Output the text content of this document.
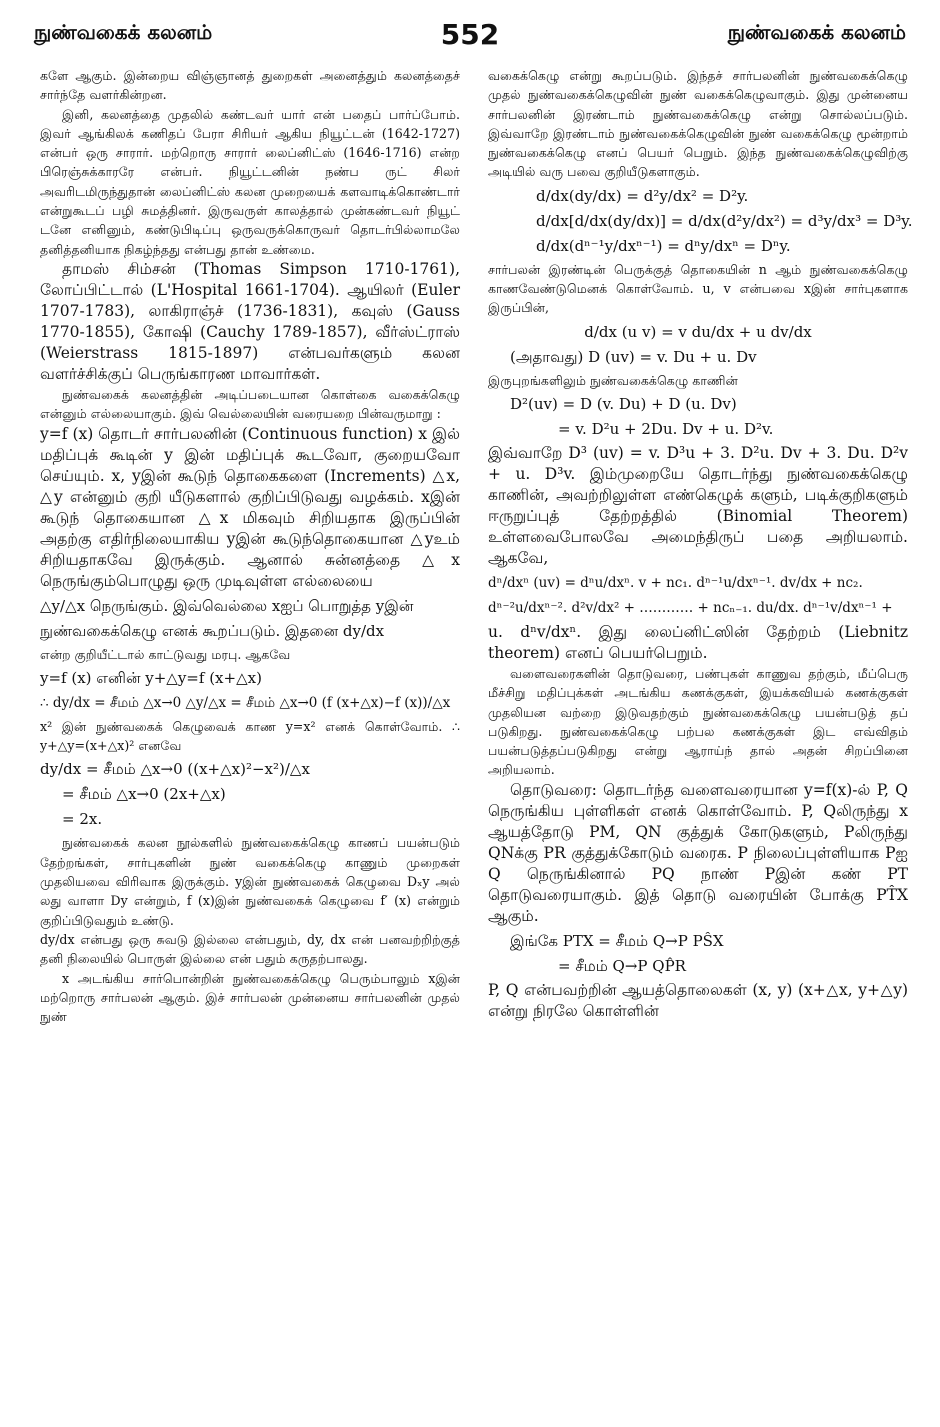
நுண்வகைக் கலனம்	552	நுண்வகைக் கலனம்

களே ஆகும். இன்றைய விஞ்ஞானத் துறைகள் அனைத்தும் கலனத்தைச் சார்ந்தே வளர்கின்றன.

இனி, கலனத்தை முதலில் கண்டவர் யார் என் பதைப் பார்ப்போம். இவர் ஆங்கிலக் கணிதப் பேரா சிரியர் ஆகிய நியூட்டன் (1642-1727) என்பர் ஒரு சாரார். மற்றொரு சாரார் லைப்னிட்ஸ் (1646-1716) என்ற பிரெஞ்சுக்காரரே என்பர். நியூட்டனின் நண்ப ருட் சிலர் அவரிடமிருந்துதான் லைப்னிட்ஸ் கலன முறையைக் களவாடிக்கொண்டார் என்றுகூடப் பழி சுமத்தினர். இருவருள் காலத்தால் முன்கண்டவர் நியூட் டனே எனினும், கண்டுபிடிப்பு ஒருவருக்கொருவர் தொடர்பில்லாமலே தனித்தனியாக நிகழ்ந்தது என்பது தான் உண்மை.

தாமஸ் சிம்சன் (Thomas Simpson 1710-1761), லோப்பிட்டால் (L'Hospital 1661-1704). ஆயிலர் (Euler 1707-1783), லாகிராஞ்ச் (1736-1831), கவுஸ் (Gauss 1770-1855), கோஷி (Cauchy 1789-1857), வீர்ஸ்ட்ராஸ் (Weierstrass 1815-1897) என்பவர்களும் கலன வளர்ச்சிக்குப் பெருங்காரண மாவார்கள்.

நுண்வகைக் கலனத்தின் அடிப்படையான கொள்கை வகைக்கெழு என்னும் எல்லையாகும். இவ் வெல்லையின் வரையறை பின்வருமாறு :

y=f (x) தொடர் சார்பலனின் (Continuous function) x இல் மதிப்புக் கூடின் y இன் மதிப்புக் கூடவோ, குறையவோ செய்யும். x, yஇன் கூடுந் தொகைகளை (Increments) △x, △y என்னும் குறி யீடுகளால் குறிப்பிடுவது வழக்கம். xஇன் கூடுந் தொகையான △x மிகவும் சிறியதாக இருப்பின் அதற்கு எதிர்நிலையாகிய yஇன் கூடுந்தொகையான △yஉம் சிறியதாகவே இருக்கும். ஆனால் சுன்னத்தை △x நெருங்கும்பொழுது ஒரு முடிவுள்ள எல்லையை

△y/△x நெருங்கும். இவ்வெல்லை xஐப் பொறுத்த yஇன்

நுண்வகைக்கெழு எனக் கூறப்படும். இதனை dy/dx

என்ற குறியீட்டால் காட்டுவது மரபு. ஆகவே

y=f (x) எனின் y+△y=f (x+△x)

∴ dy/dx = சீமம் △x→0 △y/△x = சீமம் △x→0 (f (x+△x)−f (x))/△x

x² இன் நுண்வகைக் கெழுவைக் காண y=x² எனக் கொள்வோம். ∴ y+△y=(x+△x)² எனவே

dy/dx = சீமம் △x→0 ((x+△x)²−x²)/△x

= சீமம் △x→0 (2x+△x)

= 2x.

நுண்வகைக் கலன நூல்களில் நுண்வகைக்கெழு காணப் பயன்படும் தேற்றங்கள், சார்புகளின் நுண் வகைக்கெழு காணும் முறைகள் முதலியவை விரிவாக இருக்கும். yஇன் நுண்வகைக் கெழுவை Dₓy அல் லது வாளா Dy என்றும், f (x)இன் நுண்வகைக் கெழுவை f′ (x) என்றும் குறிப்பிடுவதும் உண்டு.

dy/dx என்பது ஒரு சுவடு இல்லை என்பதும், dy, dx என் பனவற்றிற்குத் தனி நிலையில் பொருள் இல்லை என் பதும் கருதற்பாலது.

x அடங்கிய சார்பொன்றின் நுண்வகைக்கெழு பெரும்பாலும் xஇன் மற்றொரு சார்பலன் ஆகும். இச் சார்பலன் முன்னைய சார்பலனின் முதல் நுண்

வகைக்கெழு என்று கூறப்படும். இந்தச் சார்பலனின் நுண்வகைக்கெழு முதல் நுண்வகைக்கெழுவின் நுண் வகைக்கெழுவாகும். இது முன்னைய சார்பலனின் இரண்டாம் நுண்வகைக்கெழு என்று சொல்லப்படும். இவ்வாறே இரண்டாம் நுண்வகைக்கெழுவின் நுண் வகைக்கெழு மூன்றாம் நுண்வகைக்கெழு எனப் பெயர் பெறும். இந்த நுண்வகைக்கெழுவிற்கு அடியில் வரு பவை குறியீடுகளாகும்.

d/dx(dy/dx) = d²y/dx² = D²y.

d/dx[d/dx(dy/dx)] = d/dx(d²y/dx²) = d³y/dx³ = D³y.

d/dx(dⁿ⁻¹y/dxⁿ⁻¹) = dⁿy/dxⁿ = Dⁿy.

சார்பலன் இரண்டின் பெருக்குத் தொகையின் n ஆம் நுண்வகைக்கெழு காணவேண்டுமெனக் கொள்வோம். u, v என்பவை xஇன் சார்புகளாக இருப்பின்,

d/dx (u v) = v du/dx + u dv/dx

(அதாவது) D (uv) = v. Du + u. Dv

இருபுறங்களிலும் நுண்வகைக்கெழு காணின்

D²(uv) = D (v. Du) + D (u. Dv)

= v. D²u + 2Du. Dv + u. D²v.

இவ்வாறே D³ (uv) = v. D³u + 3. D²u. Dv + 3. Du. D²v + u. D³v. இம்முறையே தொடர்ந்து நுண்வகைக்கெழு காணின், அவற்றிலுள்ள எண்கெழுக் களும், படிக்குறிகளும் ஈருறுப்புத் தேற்றத்தில் (Binomial Theorem) உள்ளவைபோலவே அமைந்திருப் பதை அறியலாம். ஆகவே,

dⁿ/dxⁿ (uv) = dⁿu/dxⁿ. v + nc₁. dⁿ⁻¹u/dxⁿ⁻¹. dv/dx + nc₂.

dⁿ⁻²u/dxⁿ⁻². d²v/dx² + ………… + ncₙ₋₁. du/dx. dⁿ⁻¹v/dxⁿ⁻¹ +

u. dⁿv/dxⁿ. இது லைப்னிட்ஸின் தேற்றம் (Liebnitz theorem) எனப் பெயர்பெறும்.

வளைவரைகளின் தொடுவரை, பண்புகள் காணுவ தற்கும், மீப்பெரு மீச்சிறு மதிப்புக்கள் அடங்கிய கணக்குகள், இயக்கவியல் கணக்குகள் முதலியன வற்றை இடுவதற்கும் நுண்வகைக்கெழு பயன்படுத் தப் படுகிறது. நுண்வகைக்கெழு பற்பல கணக்குகள் இட எவ்விதம் பயன்படுத்தப்படுகிறது என்று ஆராய்ந் தால் அதன் சிறப்பினை அறியலாம்.

தொடுவரை: தொடர்ந்த வளைவரையான y=f(x)-ல் P, Q நெருங்கிய புள்ளிகள் எனக் கொள்வோம். P, Qலிருந்து x ஆயத்தோடு PM, QN குத்துக் கோடுகளும், Pலிருந்து QNக்கு PR குத்துக்கோடும் வரைக. P நிலைப்புள்ளியாக Pஐ Q நெருங்கினால் PQ நாண் Pஇன் கண் PT தொடுவரையாகும். இத் தொடு வரையின் போக்கு PT̂X ஆகும்.

இங்கே PTX = சீமம் Q→P PŜX

= சீமம் Q→P QP̂R

P, Q என்பவற்றின் ஆயத்தொலைகள் (x, y) (x+△x, y+△y) என்று நிரலே கொள்ளின்
